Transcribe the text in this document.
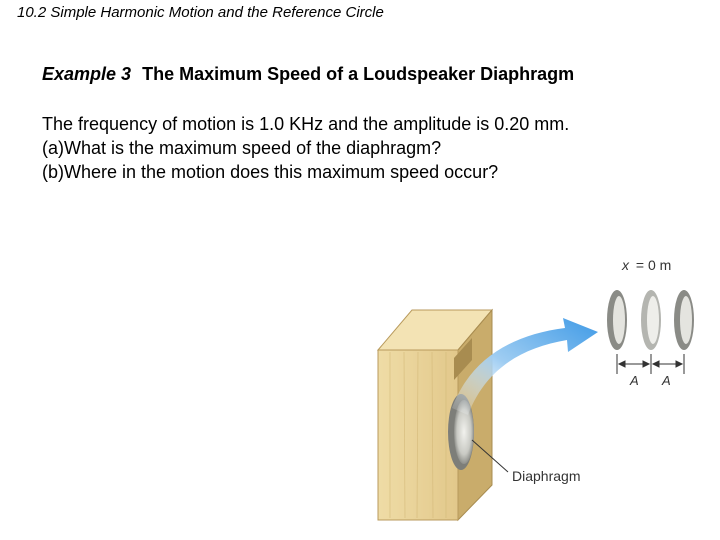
10.2 Simple Harmonic Motion and the Reference Circle
Example 3 The Maximum Speed of a Loudspeaker Diaphragm
The frequency of motion is 1.0 KHz and the amplitude is 0.20 mm.
(a)What is the maximum speed of the diaphragm?
(b)Where in the motion does this maximum speed occur?
x = 0 m
A A
Diaphragm
